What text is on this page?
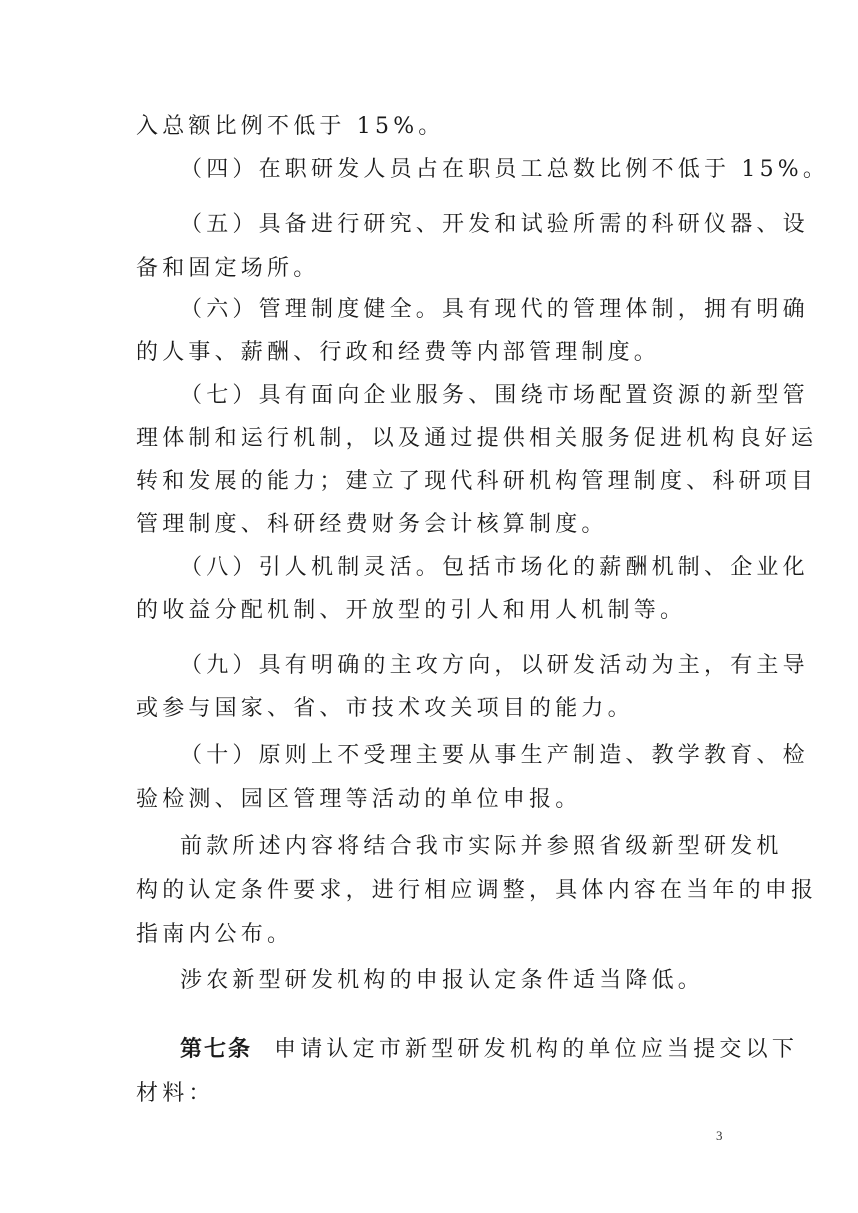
入总额比例不低于 15%。
（四）在职研发人员占在职员工总数比例不低于 15%。
（五）具备进行研究、开发和试验所需的科研仪器、设
备和固定场所。
（六）管理制度健全。具有现代的管理体制，拥有明确
的人事、薪酬、行政和经费等内部管理制度。
（七）具有面向企业服务、围绕市场配置资源的新型管
理体制和运行机制，以及通过提供相关服务促进机构良好运
转和发展的能力；建立了现代科研机构管理制度、科研项目
管理制度、科研经费财务会计核算制度。
（八）引人机制灵活。包括市场化的薪酬机制、企业化
的收益分配机制、开放型的引人和用人机制等。
（九）具有明确的主攻方向，以研发活动为主，有主导
或参与国家、省、市技术攻关项目的能力。
（十）原则上不受理主要从事生产制造、教学教育、检
验检测、园区管理等活动的单位申报。
前款所述内容将结合我市实际并参照省级新型研发机
构的认定条件要求，进行相应调整，具体内容在当年的申报
指南内公布。
涉农新型研发机构的申报认定条件适当降低。
第七条 申请认定市新型研发机构的单位应当提交以下
材料：
3
